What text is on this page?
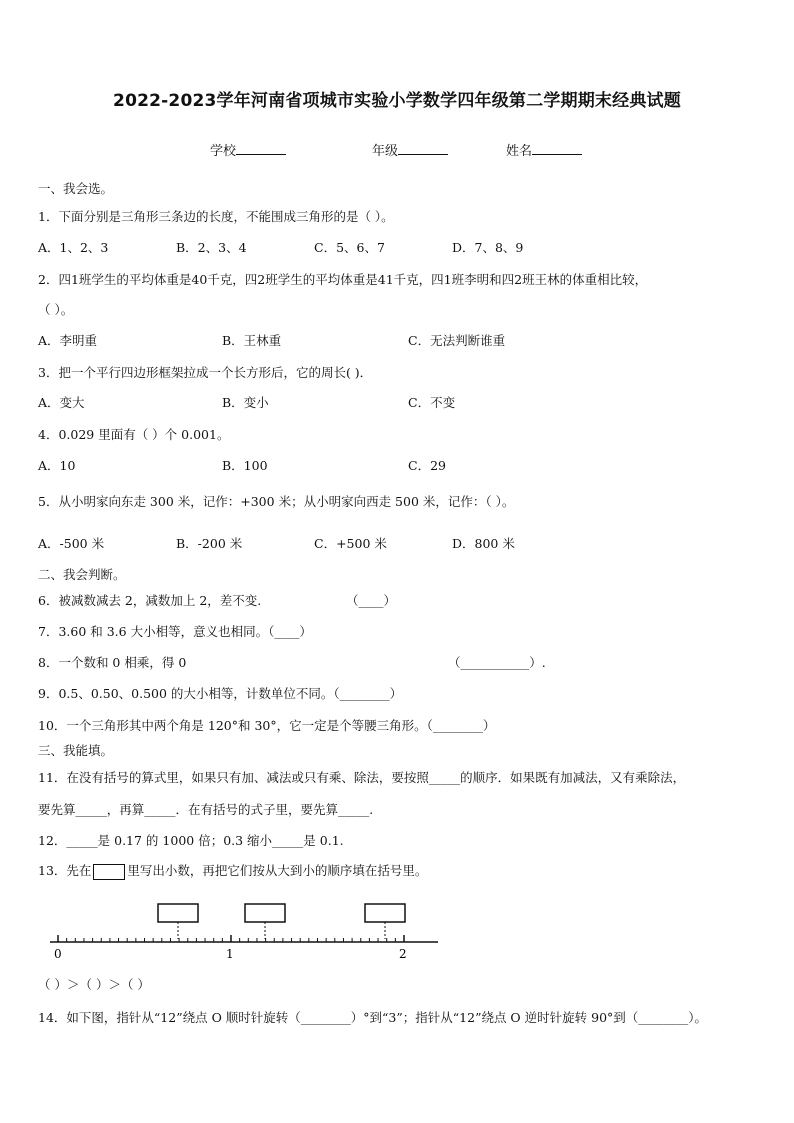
2022-2023学年河南省项城市实验小学数学四年级第二学期期末经典试题
学校	年级	姓名
一、我会选。
1．下面分别是三角形三条边的长度，不能围成三角形的是（ ）。
A．1、2、3	B．2、3、4	C．5、6、7	D．7、8、9
2．四1班学生的平均体重是40千克，四2班学生的平均体重是41千克，四1班李明和四2班王林的体重相比较，
（ ）。
A．李明重	B．王林重	C．无法判断谁重
3．把一个平行四边形框架拉成一个长方形后，它的周长( )．
A．变大	B．变小	C．不变
4．0.029 里面有（ ）个 0.001。
A．10	B．100	C．29
5．从小明家向东走 300 米，记作：+300 米；从小明家向西走 500 米，记作：（ ）。
A．-500 米	B．-200 米	C．+500 米	D．800 米
二、我会判断。
6．被减数减去 2，减数加上 2，差不变.	（____）
7．3.60 和 3.6 大小相等，意义也相同。（____）
8．一个数和 0 相乘，得 0	（___________）.
9．0.5、0.50、0.500 的大小相等，计数单位不同。（________）
10．一个三角形其中两个角是 120°和 30°，它一定是个等腰三角形。（________）
三、我能填。
11．在没有括号的算式里，如果只有加、减法或只有乘、除法，要按照_____的顺序．如果既有加减法，又有乘除法，
要先算_____，再算_____．在有括号的式子里，要先算_____.
12．_____是 0.17 的 1000 倍；0.3 缩小_____是 0.1.
13．先在	里写出小数，再把它们按从大到小的顺序填在括号里。
0	1	2
（ ）＞（ ）＞（ ）
14．如下图，指针从“12”绕点 O 顺时针旋转（________）°到“3”；指针从“12”绕点 O 逆时针旋转 90°到（________）。
